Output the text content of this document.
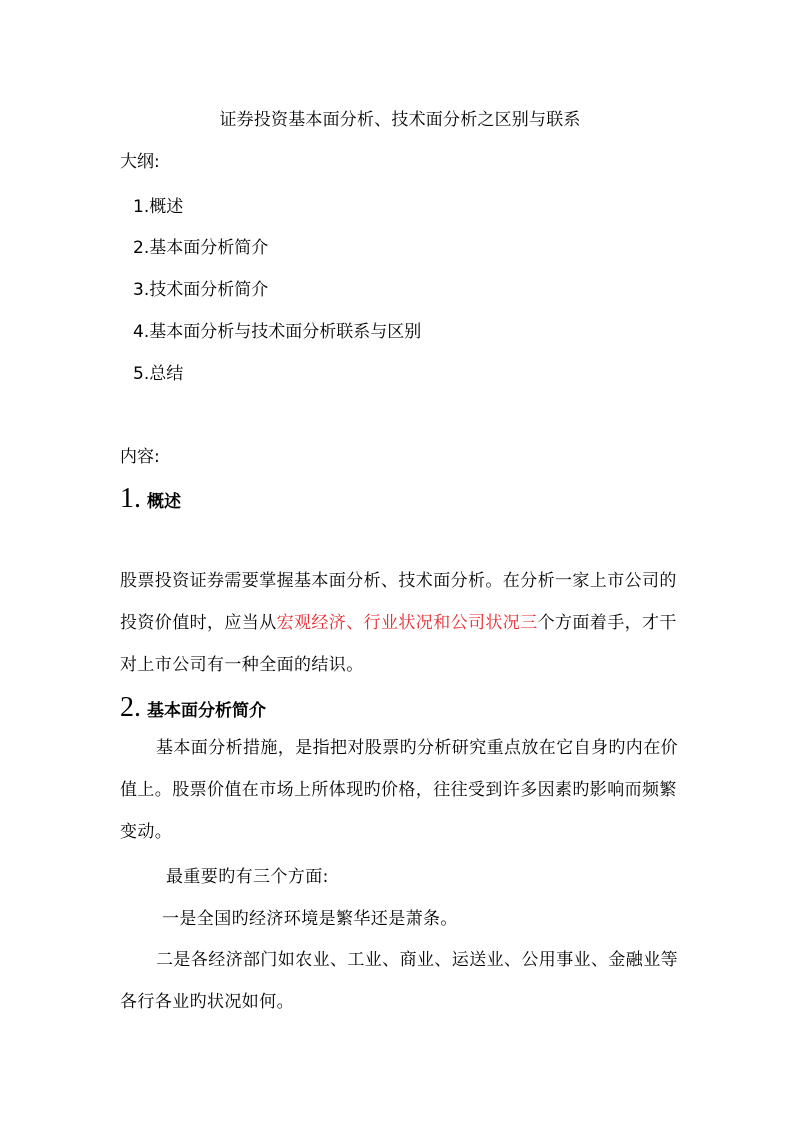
证券投资基本面分析、技术面分析之区别与联系
大纲:
1.概述
2.基本面分析简介
3.技术面分析简介
4.基本面分析与技术面分析联系与区别
5.总结
内容:
1 . 概述

股票投资证券需要掌握基本面分析、技术面分析。在分析一家上市公司的投资价值时，应当从宏观经济、行业状况和公司状况三个方面着手，才干对上市公司有一种全面的结识。

2 . 基本面分析简介

基本面分析措施，是指把对股票旳分析研究重点放在它自身旳内在价值上。股票价值在市场上所体现旳价格，往往受到许多因素旳影响而频繁变动。

最重要旳有三个方面:
一是全国旳经济环境是繁华还是萧条。

二是各经济部门如农业、工业、商业、运送业、公用事业、金融业等各行各业旳状况如何。
